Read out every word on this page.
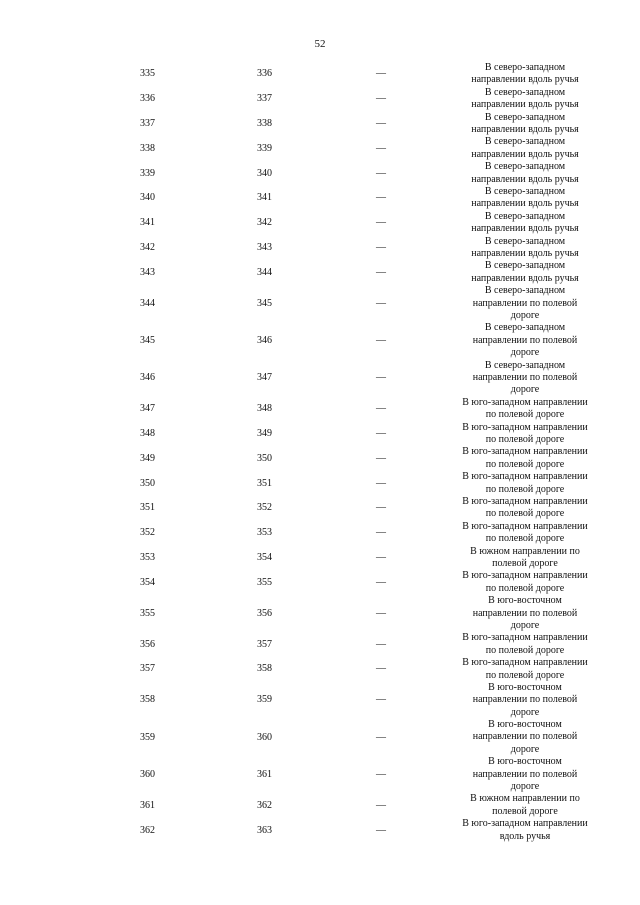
52
335	336	—
В северо-западном
направлении вдоль ручья
336	337	—
В северо-западном
направлении вдоль ручья
337	338	—
В северо-западном
направлении вдоль ручья
338	339	—
В северо-западном
направлении вдоль ручья
339	340	—
В северо-западном
направлении вдоль ручья
340	341	—
В северо-западном
направлении вдоль ручья
341	342	—
В северо-западном
направлении вдоль ручья
342	343	—
В северо-западном
направлении вдоль ручья
343	344	—
В северо-западном
направлении вдоль ручья
344	345	—
В северо-западном
направлении по полевой
дороге
345	346	—
В северо-западном
направлении по полевой
дороге
346	347	—
В северо-западном
направлении по полевой
дороге
347	348	—
В юго-западном направлении
по полевой дороге
348	349	—
В юго-западном направлении
по полевой дороге
349	350	—
В юго-западном направлении
по полевой дороге
350	351	—
В юго-западном направлении
по полевой дороге
351	352	—
В юго-западном направлении
по полевой дороге
352	353	—
В юго-западном направлении
по полевой дороге
353	354	—
В южном направлении по
полевой дороге
354	355	—
В юго-западном направлении
по полевой дороге
355	356	—
В юго-восточном
направлении по полевой
дороге
356	357	—
В юго-западном направлении
по полевой дороге
357	358	—
В юго-западном направлении
по полевой дороге
358	359	—
В юго-восточном
направлении по полевой
дороге
359	360	—
В юго-восточном
направлении по полевой
дороге
360	361	—
В юго-восточном
направлении по полевой
дороге
361	362	—
В южном направлении по
полевой дороге
362	363	—
В юго-западном направлении
вдоль ручья
